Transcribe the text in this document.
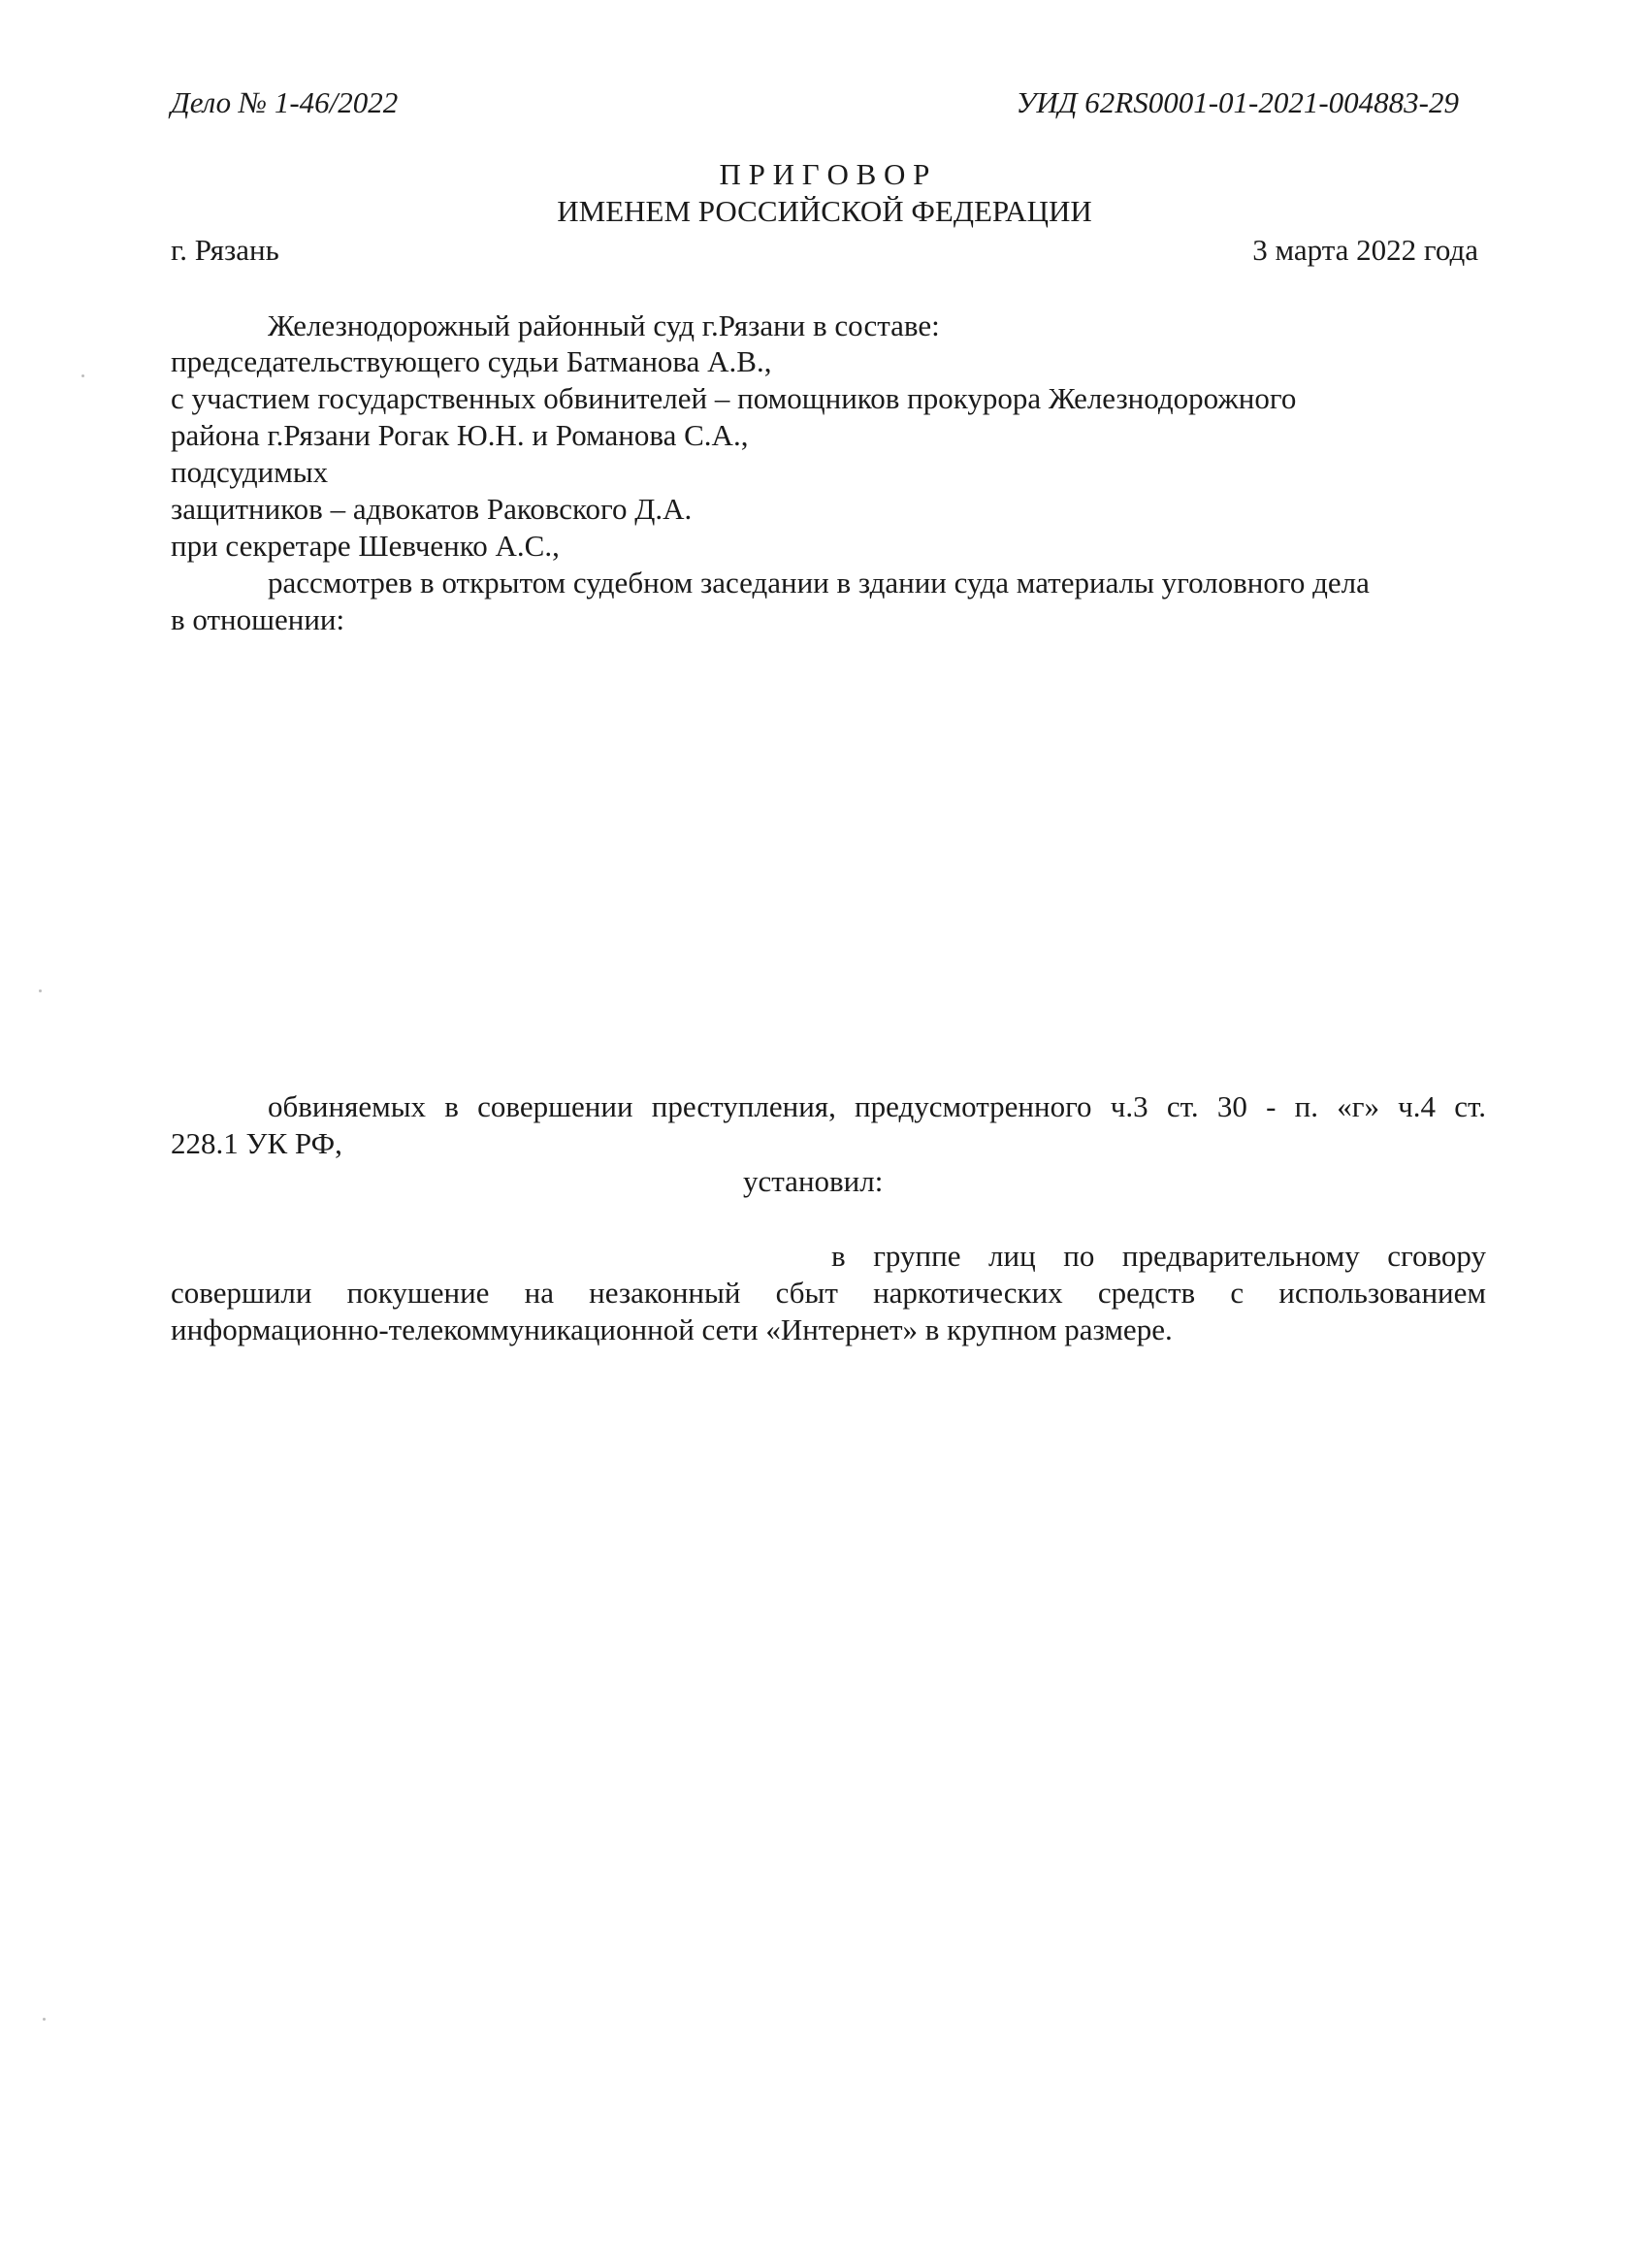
Дело № 1-46/2022	УИД 62RS0001-01-2021-004883-29
П Р И Г О В О Р
ИМЕНЕМ РОССИЙСКОЙ ФЕДЕРАЦИИ
г. Рязань	3 марта 2022 года
Железнодорожный районный суд г.Рязани в составе:
председательствующего судьи Батманова А.В.,
с участием государственных обвинителей – помощников прокурора Железнодорожного
района г.Рязани Рогак Ю.Н. и Романова С.А.,
подсудимых
защитников – адвокатов Раковского Д.А.
при секретаре Шевченко А.С.,
рассмотрев в открытом судебном заседании в здании суда материалы уголовного дела
в отношении:
обвиняемых в совершении преступления, предусмотренного ч.3 ст. 30 - п. «г» ч.4 ст.
228.1 УК РФ,
установил:
в группе лиц по предварительному сговору
совершили покушение на незаконный сбыт наркотических средств с использованием
информационно-телекоммуникационной сети «Интернет» в крупном размере.
